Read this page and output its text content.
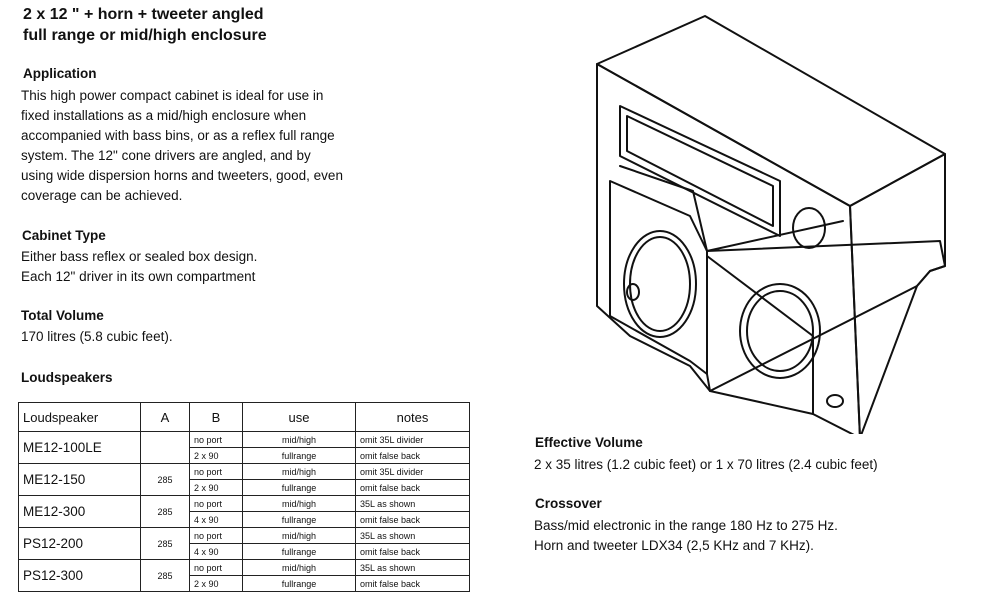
2 x 12 " + horn + tweeter angled
full range or mid/high enclosure
Application
This high power compact cabinet is ideal for use in
fixed installations as a mid/high enclosure when
accompanied with bass bins, or as a reflex full range
system. The 12" cone drivers are angled, and by
using wide dispersion horns and tweeters, good, even
coverage can be achieved.
Cabinet Type
Either bass reflex or sealed box design.
Each 12" driver in its own compartment
Total Volume
170 litres (5.8 cubic feet).
Loudspeakers
Loudspeaker	A	B	use	notes
ME12-100LE		no port	mid/high	omit 35L divider
		2 x 90	fullrange	omit false back
ME12-150	285	no port	mid/high	omit 35L divider
		2 x 90	fullrange	omit false back
ME12-300	285	no port	mid/high	35L as shown
		4 x 90	fullrange	omit false back
PS12-200	285	no port	mid/high	35L as shown
		4 x 90	fullrange	omit false back
PS12-300	285	no port	mid/high	35L as shown
		2 x 90	fullrange	omit false back
Effective Volume
2 x 35 litres (1.2 cubic feet) or 1 x 70 litres (2.4 cubic feet)
Crossover
Bass/mid electronic in the range 180 Hz to 275 Hz.
Horn and tweeter LDX34 (2,5 KHz and 7 KHz).
